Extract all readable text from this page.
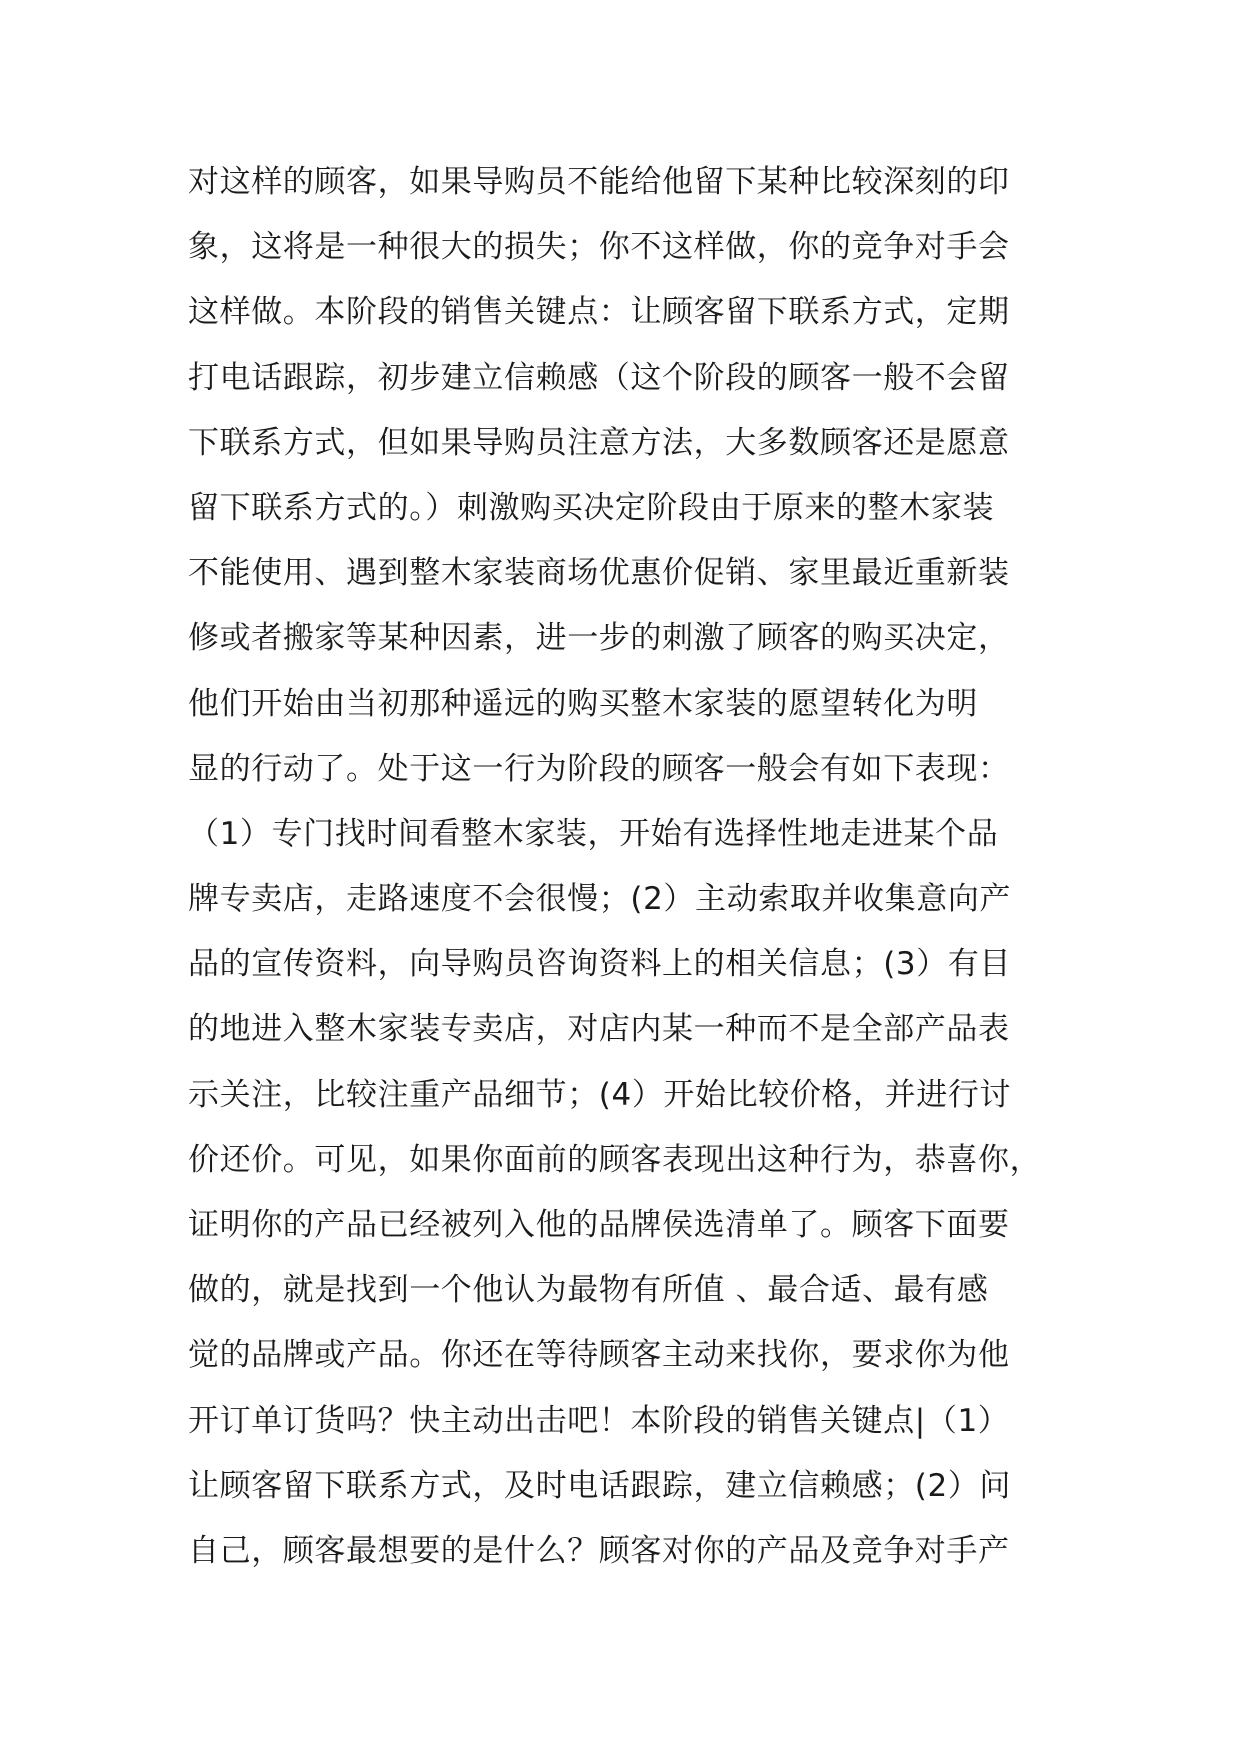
对这样的顾客，如果导购员不能给他留下某种比较深刻的印
象，这将是一种很大的损失；你不这样做，你的竞争对手会
这样做。本阶段的销售关键点：让顾客留下联系方式，定期
打电话跟踪，初步建立信赖感（这个阶段的顾客一般不会留
下联系方式，但如果导购员注意方法，大多数顾客还是愿意
留下联系方式的。）刺激购买决定阶段由于原来的整木家装
不能使用、遇到整木家装商场优惠价促销、家里最近重新装
修或者搬家等某种因素，进一步的刺激了顾客的购买决定，
他们开始由当初那种遥远的购买整木家装的愿望转化为明
显的行动了。处于这一行为阶段的顾客一般会有如下表现：
（1）专门找时间看整木家装，开始有选择性地走进某个品
牌专卖店，走路速度不会很慢；(2）主动索取并收集意向产
品的宣传资料，向导购员咨询资料上的相关信息；(3）有目
的地进入整木家装专卖店，对店内某一种而不是全部产品表
示关注，比较注重产品细节；(4）开始比较价格，并进行讨
价还价。可见，如果你面前的顾客表现出这种行为，恭喜你，
证明你的产品已经被列入他的品牌侯选清单了。顾客下面要
做的，就是找到一个他认为最物有所值 、最合适、最有感
觉的品牌或产品。你还在等待顾客主动来找你，要求你为他
开订单订货吗？快主动出击吧！本阶段的销售关键点|（1）
让顾客留下联系方式，及时电话跟踪，建立信赖感；(2）问
自己，顾客最想要的是什么？顾客对你的产品及竞争对手产
